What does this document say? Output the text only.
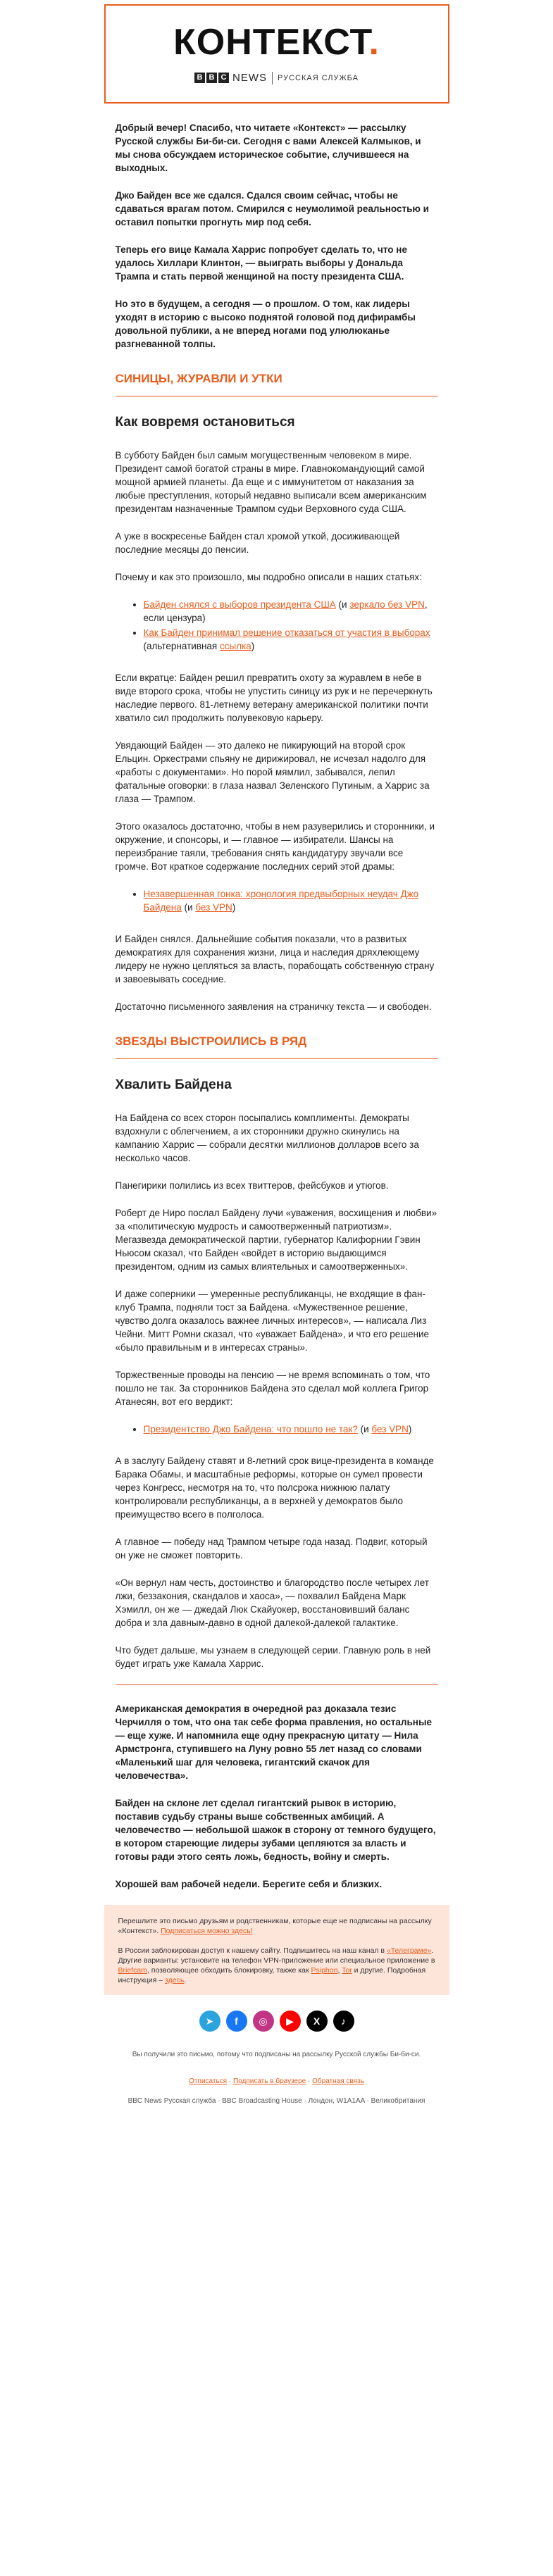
КОНТЕКСТ.
B B C NEWS РУССКАЯ СЛУЖБА

Добрый вечер! Спасибо, что читаете «Контекст» — рассылку Русской службы Би-би-си. Сегодня с вами Алексей Калмыков, и мы снова обсуждаем историческое событие, случившееся на выходных.

Джо Байден все же сдался. Сдался своим сейчас, чтобы не сдаваться врагам потом. Смирился с неумолимой реальностью и оставил попытки прогнуть мир под себя.

Теперь его вице Камала Харрис попробует сделать то, что не удалось Хиллари Клинтон, — выиграть выборы у Дональда Трампа и стать первой женщиной на посту президента США.

Но это в будущем, а сегодня — о прошлом. О том, как лидеры уходят в историю с высоко поднятой головой под дифирамбы довольной публики, а не вперед ногами под улюлюканье разгневанной толпы.

СИНИЦЫ, ЖУРАВЛИ И УТКИ
Как вовремя остановиться

В субботу Байден был самым могущественным человеком в мире. Президент самой богатой страны в мире. Главнокомандующий самой мощной армией планеты. Да еще и с иммунитетом от наказания за любые преступления, который недавно выписали всем американским президентам назначенные Трампом судьи Верховного суда США.

А уже в воскресенье Байден стал хромой уткой, досиживающей последние месяцы до пенсии.

Почему и как это произошло, мы подробно описали в наших статьях:

• Байден снялся с выборов президента США (и зеркало без VPN, если цензура)
• Как Байден принимал решение отказаться от участия в выборах (альтернативная ссылка)

Если вкратце: Байден решил превратить охоту за журавлем в небе в виде второго срока, чтобы не упустить синицу из рук и не перечеркнуть наследие первого. 81-летнему ветерану американской политики почти хватило сил продолжить полувековую карьеру.

Увядающий Байден — это далеко не пикирующий на второй срок Ельцин. Оркестрами спьяну не дирижировал, не исчезал надолго для «работы с документами». Но порой мямлил, забывался, лепил фатальные оговорки: в глаза назвал Зеленского Путиным, а Харрис за глаза — Трампом.

Этого оказалось достаточно, чтобы в нем разуверились и сторонники, и окружение, и спонсоры, и — главное — избиратели. Шансы на переизбрание таяли, требования снять кандидатуру звучали все громче. Вот краткое содержание последних серий этой драмы:

• Незавершенная гонка: хронология предвыборных неудач Джо Байдена (и без VPN)

И Байден снялся. Дальнейшие события показали, что в развитых демократиях для сохранения жизни, лица и наследия дряхлеющему лидеру не нужно цепляться за власть, порабощать собственную страну и завоевывать соседние.

Достаточно письменного заявления на страничку текста — и свободен.

ЗВЕЗДЫ ВЫСТРОИЛИСЬ В РЯД
Хвалить Байдена

На Байдена со всех сторон посыпались комплименты. Демократы вздохнули с облегчением, а их сторонники дружно скинулись на кампанию Харрис — собрали десятки миллионов долларов всего за несколько часов.

Панегирики полились из всех твиттеров, фейсбуков и утюгов.

Роберт де Ниро послал Байдену лучи «уважения, восхищения и любви» за «политическую мудрость и самоотверженный патриотизм». Мегазвезда демократической партии, губернатор Калифорнии Гэвин Ньюсом сказал, что Байден «войдет в историю выдающимся президентом, одним из самых влиятельных и самоотверженных».

И даже соперники — умеренные республиканцы, не входящие в фан-клуб Трампа, подняли тост за Байдена. «Мужественное решение, чувство долга оказалось важнее личных интересов», — написала Лиз Чейни. Митт Ромни сказал, что «уважает Байдена», и что его решение «было правильным и в интересах страны».

Торжественные проводы на пенсию — не время вспоминать о том, что пошло не так. За сторонников Байдена это сделал мой коллега Григор Атанесян, вот его вердикт:

• Президентство Джо Байдена: что пошло не так? (и без VPN)

А в заслугу Байдену ставят и 8-летний срок вице-президента в команде Барака Обамы, и масштабные реформы, которые он сумел провести через Конгресс, несмотря на то, что полсрока нижнюю палату контролировали республиканцы, а в верхней у демократов было преимущество всего в полголоса.

А главное — победу над Трампом четыре года назад. Подвиг, который он уже не сможет повторить.

«Он вернул нам честь, достоинство и благородство после четырех лет лжи, беззакония, скандалов и хаоса», — похвалил Байдена Марк Хэмилл, он же — джедай Люк Скайуокер, восстановивший баланс добра и зла давным-давно в одной далекой-далекой галактике.

Что будет дальше, мы узнаем в следующей серии. Главную роль в ней будет играть уже Камала Харрис.

Американская демократия в очередной раз доказала тезис Черчилля о том, что она так себе форма правления, но остальные — еще хуже. И напомнила еще одну прекрасную цитату — Нила Армстронга, ступившего на Луну ровно 55 лет назад со словами «Маленький шаг для человека, гигантский скачок для человечества».

Байден на склоне лет сделал гигантский рывок в историю, поставив судьбу страны выше собственных амбиций. А человечество — небольшой шажок в сторону от темного будущего, в котором стареющие лидеры зубами цепляются за власть и готовы ради этого сеять ложь, бедность, войну и смерть.

Хорошей вам рабочей недели. Берегите себя и близких.

Перешлите это письмо друзьям и родственникам, которые еще не подписаны на рассылку «Контекст». Подписаться можно здесь!

В России заблокирован доступ к нашему сайту. Подпишитесь на наш канал в «Телеграме». Другие варианты: установите на телефон VPN-приложение или специальное приложение в Briefcam, позволяющее обходить блокировку, также как Psiphon, Tor и другие. Подробная инструкция – здесь.

➤	f	◎	▶	X	♪
Вы получили это письмо, потому что подписаны на рассылку Русской службы Би-би-си.
Отписаться · Подписать в браузере · Обратная связь
BBC News Русская служба · BBC Broadcasting House · Лондон, W1A1AA · Великобритания
